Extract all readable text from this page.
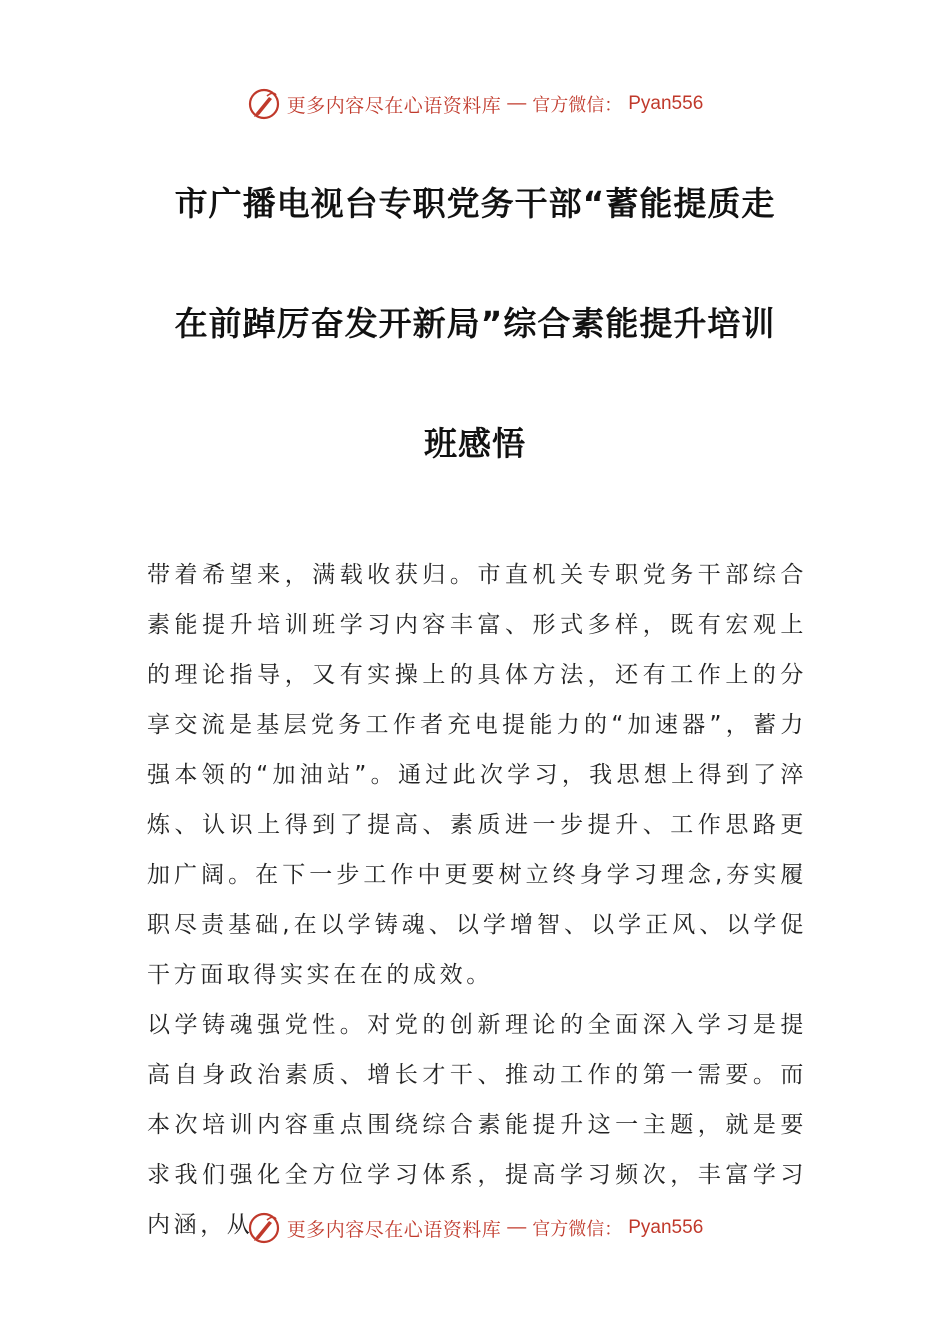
更多内容尽在心语资料库 — 官方微信： Pyan556
市广播电视台专职党务干部“蓄能提质走
在前踔厉奋发开新局”综合素能提升培训
班感悟

带着希望来，满载收获归。市直机关专职党务干部综合素能提升培训班学习内容丰富、形式多样，既有宏观上的理论指导，又有实操上的具体方法，还有工作上的分享交流是基层党务工作者充电提能力的“加速器”，蓄力强本领的“加油站”。通过此次学习，我思想上得到了淬炼、认识上得到了提高、素质进一步提升、工作思路更加广阔。在下一步工作中更要树立终身学习理念,夯实履职尽责基础,在以学铸魂、以学增智、以学正风、以学促干方面取得实实在在的成效。

以学铸魂强党性。对党的创新理论的全面深入学习是提高自身政治素质、增长才干、推动工作的第一需要。而本次培训内容重点围绕综合素能提升这一主题，就是要求我们强化全方位学习体系，提高学习频次，丰富学习内涵，从	更多内容尽在心语资料库 — 官方微信： Pyan556
